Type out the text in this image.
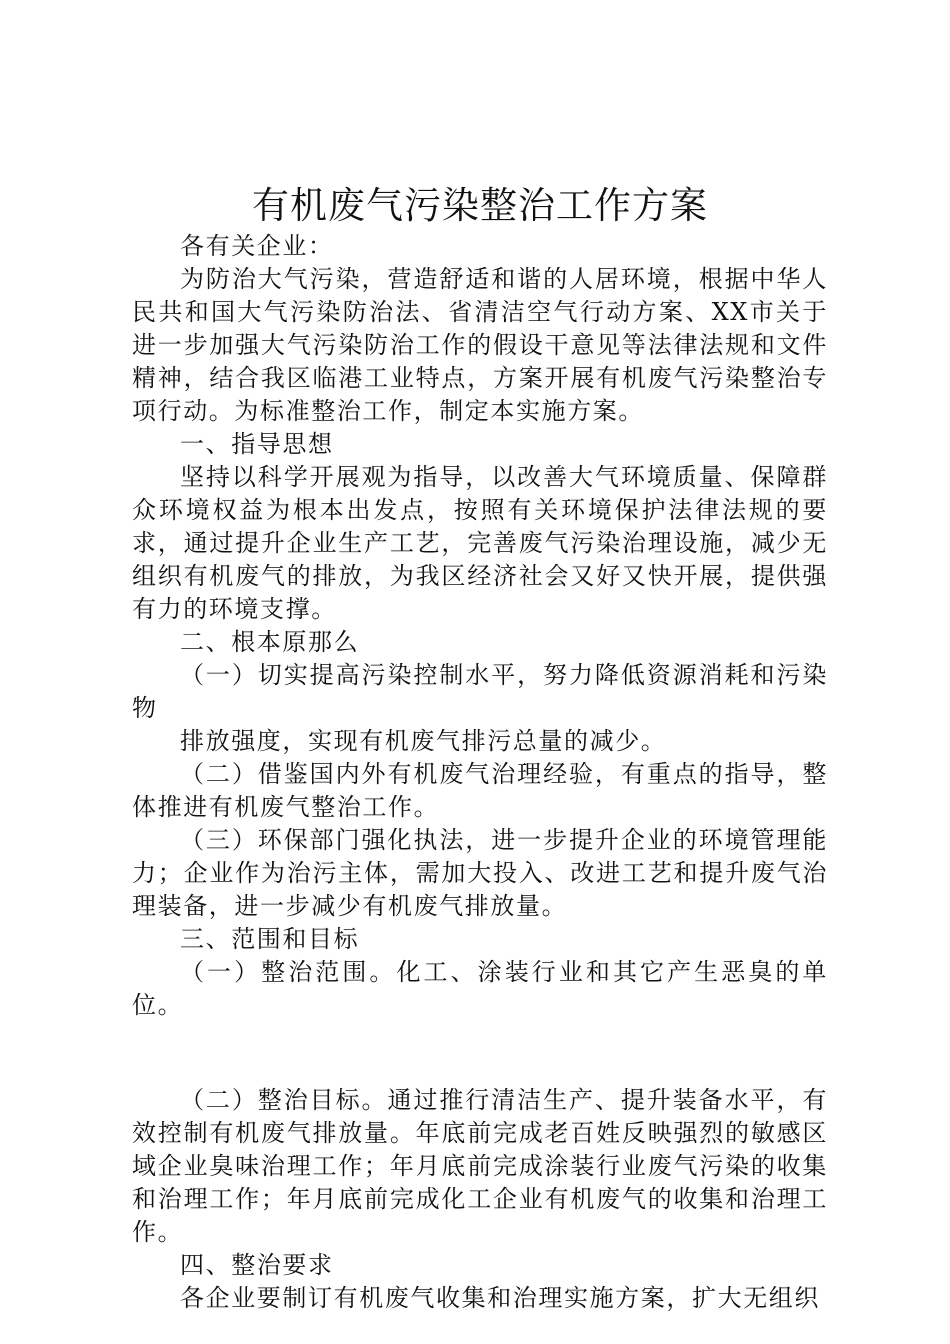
有机废气污染整治工作方案

各有关企业：

为防治大气污染，营造舒适和谐的人居环境，根据中华人民共和国大气污染防治法、省清洁空气行动方案、XX市关于进一步加强大气污染防治工作的假设干意见等法律法规和文件精神，结合我区临港工业特点，方案开展有机废气污染整治专项行动。为标准整治工作，制定本实施方案。

一、指导思想

坚持以科学开展观为指导，以改善大气环境质量、保障群众环境权益为根本出发点，按照有关环境保护法律法规的要求，通过提升企业生产工艺，完善废气污染治理设施，减少无组织有机废气的排放，为我区经济社会又好又快开展，提供强有力的环境支撑。

二、根本原那么

（一）切实提高污染控制水平，努力降低资源消耗和污染物

排放强度，实现有机废气排污总量的减少。

（二）借鉴国内外有机废气治理经验，有重点的指导，整体推进有机废气整治工作。

（三）环保部门强化执法，进一步提升企业的环境管理能力；企业作为治污主体，需加大投入、改进工艺和提升废气治理装备，进一步减少有机废气排放量。

三、范围和目标

（一）整治范围。化工、涂装行业和其它产生恶臭的单位。

（二）整治目标。通过推行清洁生产、提升装备水平，有效控制有机废气排放量。年底前完成老百姓反映强烈的敏感区域企业臭味治理工作；年月底前完成涂装行业废气污染的收集和治理工作；年月底前完成化工企业有机废气的收集和治理工作。

四、整治要求

各企业要制订有机废气收集和治理实施方案，扩大无组织
